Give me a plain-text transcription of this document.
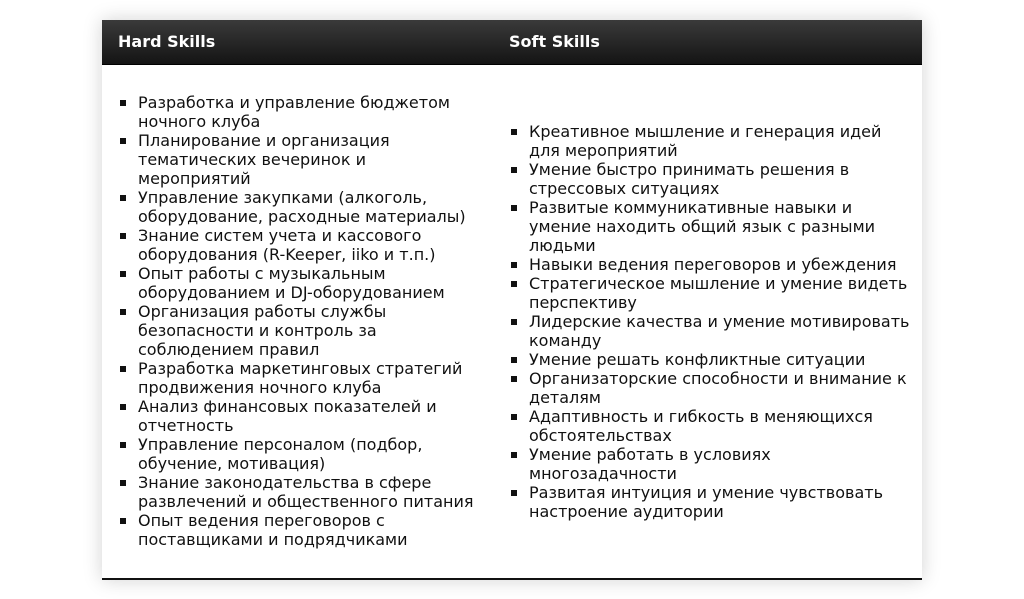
Hard Skills	Soft Skills
Разработка и управление бюджетом ночного клуба
Планирование и организация тематических вечеринок и мероприятий
Управление закупками (алкоголь, оборудование, расходные материалы)
Знание систем учета и кассового оборудования (R-Keeper, iiko и т.п.)
Опыт работы с музыкальным оборудованием и DJ-оборудованием
Организация работы службы безопасности и контроль за соблюдением правил
Разработка маркетинговых стратегий продвижения ночного клуба
Анализ финансовых показателей и отчетность
Управление персоналом (подбор, обучение, мотивация)
Знание законодательства в сфере развлечений и общественного питания
Опыт ведения переговоров с поставщиками и подрядчиками
Креативное мышление и генерация идей для мероприятий
Умение быстро принимать решения в стрессовых ситуациях
Развитые коммуникативные навыки и умение находить общий язык с разными людьми
Навыки ведения переговоров и убеждения
Стратегическое мышление и умение видеть перспективу
Лидерские качества и умение мотивировать команду
Умение решать конфликтные ситуации
Организаторские способности и внимание к деталям
Адаптивность и гибкость в меняющихся обстоятельствах
Умение работать в условиях многозадачности
Развитая интуиция и умение чувствовать настроение аудитории
